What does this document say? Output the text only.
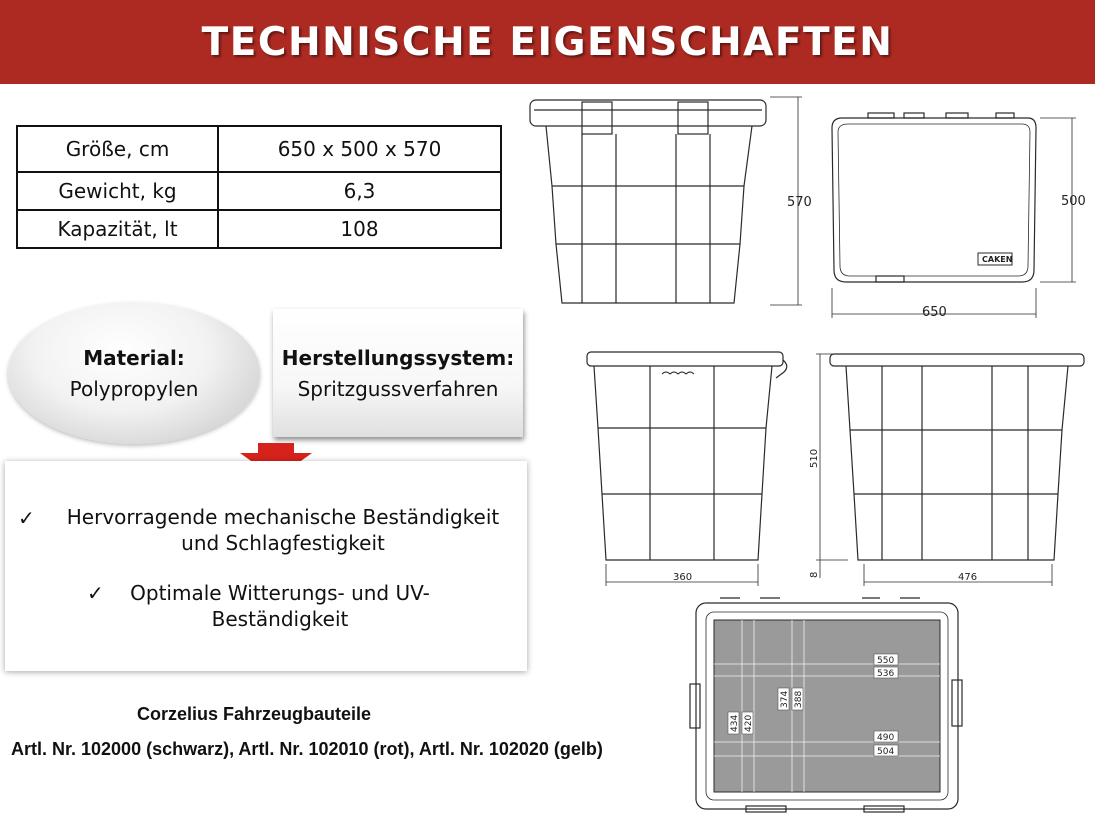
TECHNISCHE EIGENSCHAFTEN
Größe, cm	650 x 500 x 570
Gewicht, kg	6,3
Kapazität, lt	108
Material:
Polypropylen
Herstellungssystem:
Spritzgussverfahren
✓	Hervorragende mechanische Beständigkeit
und Schlagfestigkeit
✓	Optimale Witterungs- und UV-
Beständigkeit
Corzelius Fahrzeugbauteile
Artl. Nr. 102000 (schwarz), Artl. Nr. 102010 (rot), Artl. Nr. 102020 (gelb)
570	500
650
CAKEN
510
8
360	476
550
536
490
504
374 388
434 420
